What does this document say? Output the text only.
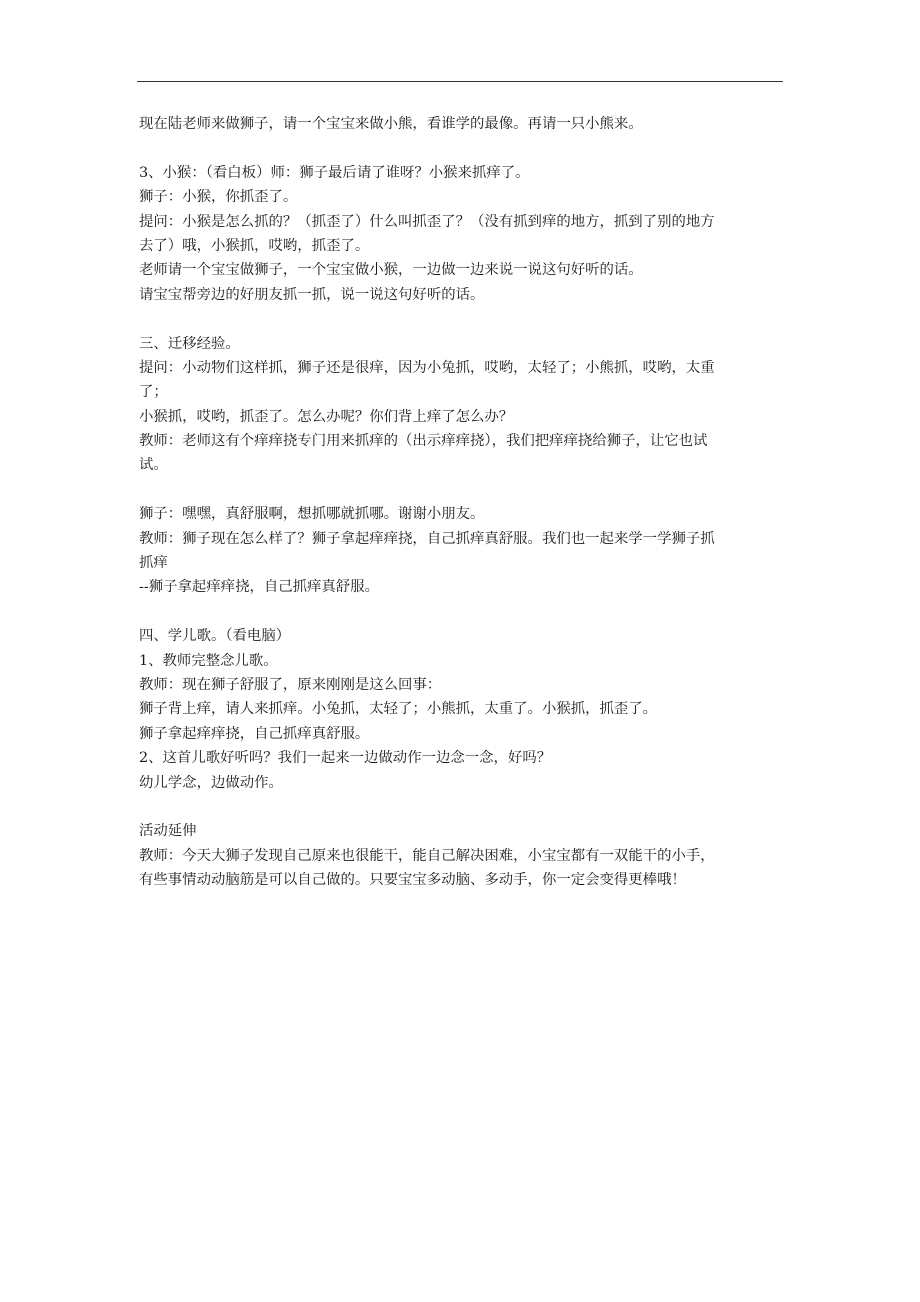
现在陆老师来做狮子，请一个宝宝来做小熊，看谁学的最像。再请一只小熊来。
3、小猴：（看白板）师：狮子最后请了谁呀？小猴来抓痒了。
狮子：小猴，你抓歪了。
提问：小猴是怎么抓的？（抓歪了）什么叫抓歪了？（没有抓到痒的地方，抓到了别的地方
去了）哦，小猴抓，哎哟，抓歪了。
老师请一个宝宝做狮子，一个宝宝做小猴，一边做一边来说一说这句好听的话。
请宝宝帮旁边的好朋友抓一抓，说一说这句好听的话。
三、迁移经验。
提问：小动物们这样抓，狮子还是很痒，因为小兔抓，哎哟，太轻了；小熊抓，哎哟，太重
了；
小猴抓，哎哟，抓歪了。怎么办呢？你们背上痒了怎么办？
教师：老师这有个痒痒挠专门用来抓痒的（出示痒痒挠），我们把痒痒挠给狮子，让它也试
试。
狮子：嘿嘿，真舒服啊，想抓哪就抓哪。谢谢小朋友。
教师：狮子现在怎么样了？狮子拿起痒痒挠，自己抓痒真舒服。我们也一起来学一学狮子抓
抓痒
--狮子拿起痒痒挠，自己抓痒真舒服。
四、学儿歌。（看电脑）
1、教师完整念儿歌。
教师：现在狮子舒服了，原来刚刚是这么回事：
狮子背上痒，请人来抓痒。小兔抓，太轻了；小熊抓，太重了。小猴抓，抓歪了。
狮子拿起痒痒挠，自己抓痒真舒服。
2、这首儿歌好听吗？我们一起来一边做动作一边念一念，好吗？
幼儿学念，边做动作。
活动延伸
教师：今天大狮子发现自己原来也很能干，能自己解决困难，小宝宝都有一双能干的小手，
有些事情动动脑筋是可以自己做的。只要宝宝多动脑、多动手，你一定会变得更棒哦！
